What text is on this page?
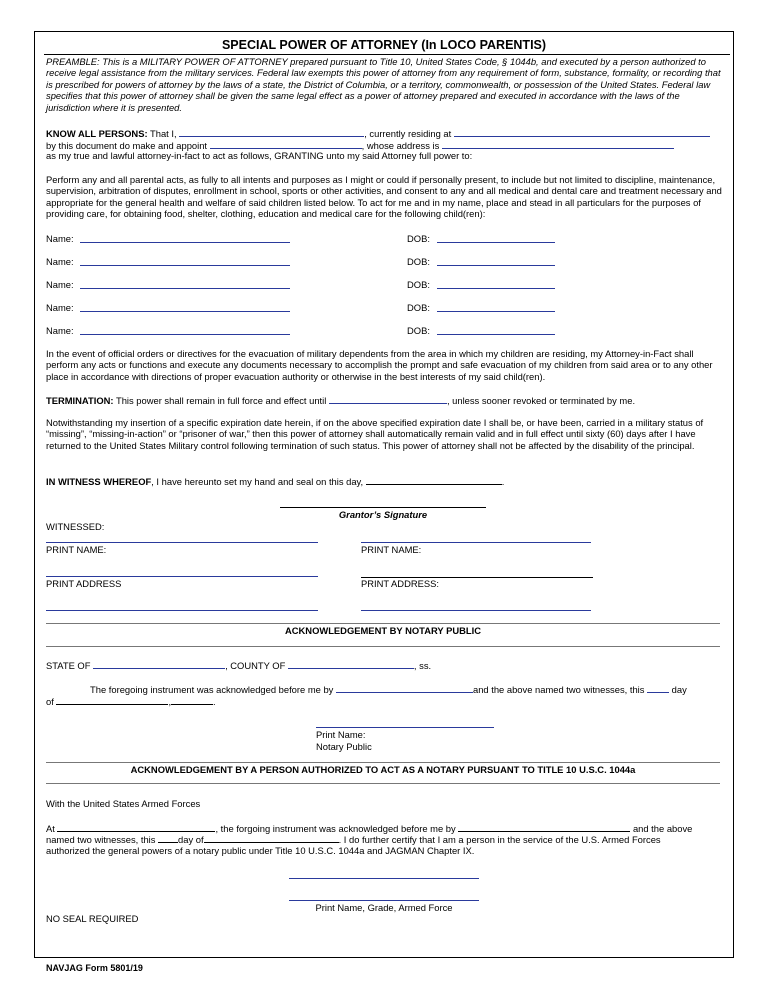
SPECIAL POWER OF ATTORNEY (In LOCO PARENTIS)
PREAMBLE: This is a MILITARY POWER OF ATTORNEY prepared pursuant to Title 10, United States Code, § 1044b, and executed by a person authorized to receive legal assistance from the military services. Federal law exempts this power of attorney from any requirement of form, substance, formality, or recording that is prescribed for powers of attorney by the laws of a state, the District of Columbia, or a territory, commonwealth, or possession of the United States. Federal law specifies that this power of attorney shall be given the same legal effect as a power of attorney prepared and executed in accordance with the laws of the jurisdiction where it is presented.
KNOW ALL PERSONS: That I,	, currently residing at
by this document do make and appoint	, whose address is
as my true and lawful attorney-in-fact to act as follows, GRANTING unto my said Attorney full power to:
Perform any and all parental acts, as fully to all intents and purposes as I might or could if personally present, to include but not limited to discipline, maintenance, supervision, arbitration of disputes, enrollment in school, sports or other activities, and consent to any and all medical and dental care and treatment necessary and appropriate for the general health and welfare of said children listed below. To act for me and in my name, place and stead in all particulars for the purposes of providing care, for obtaining food, shelter, clothing, education and medical care for the following child(ren):
Name:	DOB:
Name:	DOB:
Name:	DOB:
Name:	DOB:
Name:	DOB:
In the event of official orders or directives for the evacuation of military dependents from the area in which my children are residing, my Attorney-in-Fact shall perform any acts or functions and execute any documents necessary to accomplish the prompt and safe evacuation of my children from said area or to any other place in accordance with directions of proper evacuation authority or otherwise in the best interests of my said child(ren).
TERMINATION: This power shall remain in full force and effect until	, unless sooner revoked or terminated by me.
Notwithstanding my insertion of a specific expiration date herein, if on the above specified expiration date I shall be, or have been, carried in a military status of “missing”, “missing-in-action” or “prisoner of war,” then this power of attorney shall automatically remain valid and in full effect until sixty (60) days after I have returned to the United States Military control following termination of such status. This power of attorney shall not be affected by the disability of the principal.
IN WITNESS WHEREOF, I have hereunto set my hand and seal on this day,	.
Grantor’s Signature
WITNESSED:
PRINT NAME:	PRINT NAME:
PRINT ADDRESS	PRINT ADDRESS:
ACKNOWLEDGEMENT BY NOTARY PUBLIC
STATE OF	, COUNTY OF	, ss.
The foregoing instrument was acknowledged before me by	and the above named two witnesses, this	day
of	,	.
Print Name:
Notary Public
ACKNOWLEDGEMENT BY A PERSON AUTHORIZED TO ACT AS A NOTARY PURSUANT TO TITLE 10 U.S.C. 1044a
With the United States Armed Forces
At	, the forgoing instrument was acknowledged before me by	and the above
named two witnesses, this day of	. I do further certify that I am a person in the service of the U.S. Armed Forces
authorized the general powers of a notary public under Title 10 U.S.C. 1044a and JAGMAN Chapter IX.
Print Name, Grade, Armed Force
NO SEAL REQUIRED
NAVJAG Form 5801/19
